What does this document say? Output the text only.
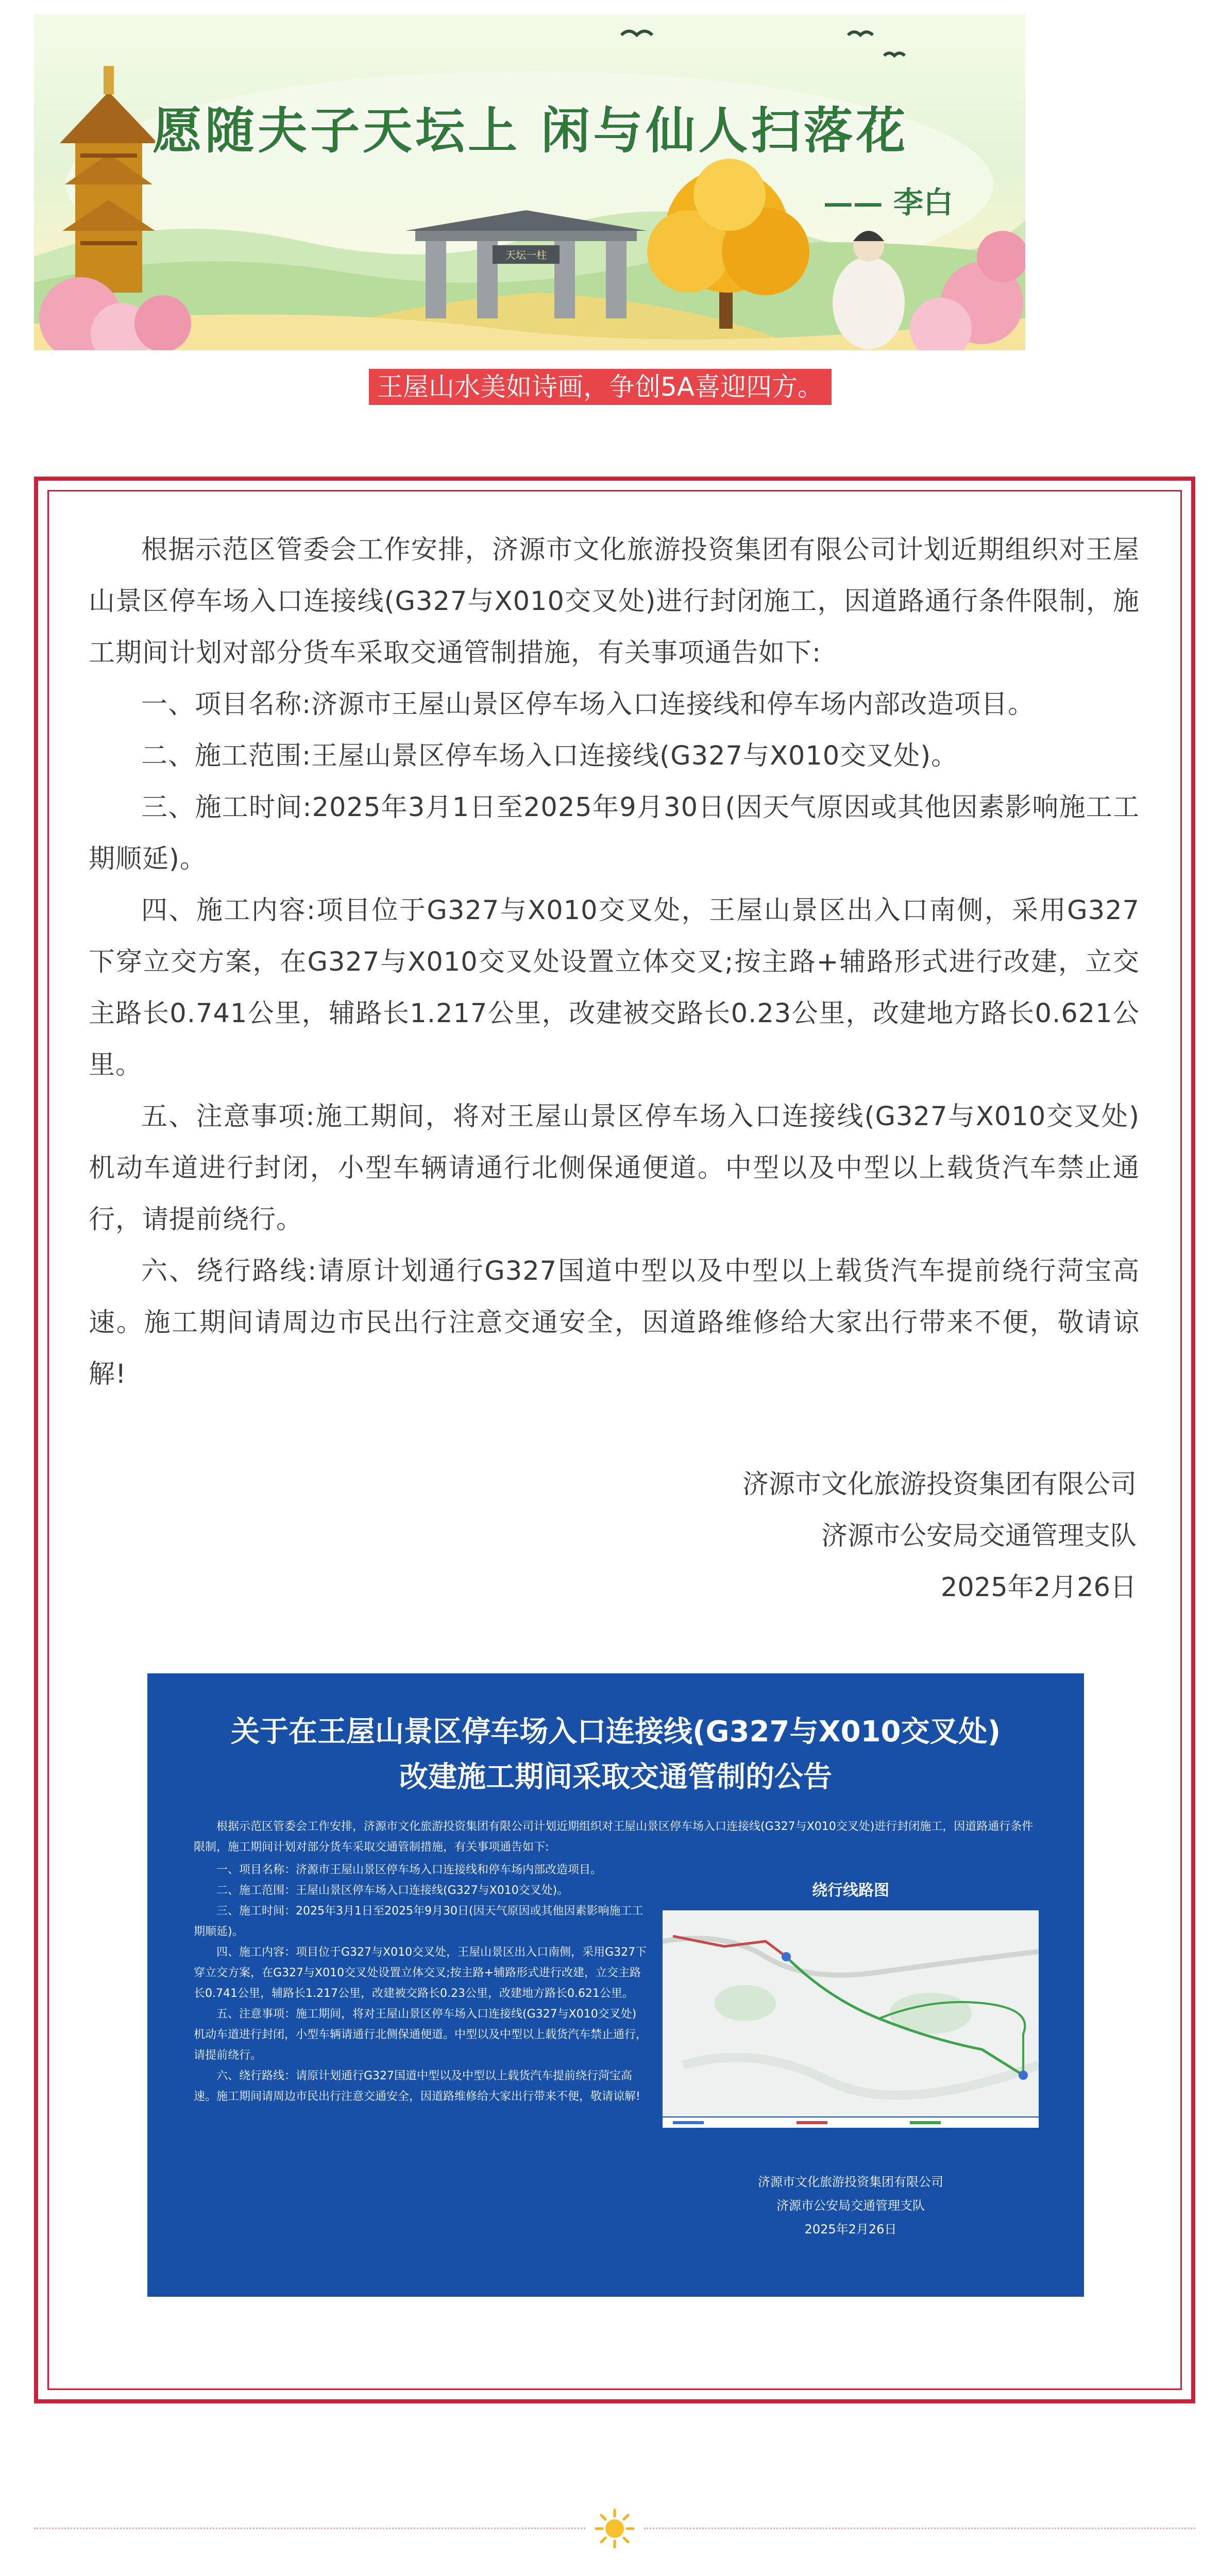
天坛一柱
愿随夫子天坛上 闲与仙人扫落花
—— 李白
王屋山水美如诗画，争创5A喜迎四方。

根据示范区管委会工作安排，济源市文化旅游投资集团有限公司计划近期组织对王屋山景区停车场入口连接线(G327与X010交叉处)进行封闭施工，因道路通行条件限制，施工期间计划对部分货车采取交通管制措施，有关事项通告如下:

一、项目名称:济源市王屋山景区停车场入口连接线和停车场内部改造项目。

二、施工范围:王屋山景区停车场入口连接线(G327与X010交叉处)。

三、施工时间:2025年3月1日至2025年9月30日(因天气原因或其他因素影响施工工期顺延)。

四、施工内容:项目位于G327与X010交叉处，王屋山景区出入口南侧，采用G327下穿立交方案，在G327与X010交叉处设置立体交叉;按主路+辅路形式进行改建，立交主路长0.741公里，辅路长1.217公里，改建被交路长0.23公里，改建地方路长0.621公里。

五、注意事项:施工期间，将对王屋山景区停车场入口连接线(G327与X010交叉处)机动车道进行封闭，小型车辆请通行北侧保通便道。中型以及中型以上载货汽车禁止通行，请提前绕行。

六、绕行路线:请原计划通行G327国道中型以及中型以上载货汽车提前绕行菏宝高速。施工期间请周边市民出行注意交通安全，因道路维修给大家出行带来不便，敬请谅解!

济源市文化旅游投资集团有限公司
济源市公安局交通管理支队
2025年2月26日
关于在王屋山景区停车场入口连接线(G327与X010交叉处)
改建施工期间采取交通管制的公告
根据示范区管委会工作安排，济源市文化旅游投资集团有限公司计划近期组织对王屋山景区停车场入口连接线(G327与X010交叉处)进行封闭施工，因道路通行条件限制，施工期间计划对部分货车采取交通管制措施，有关事项通告如下:

一、项目名称：济源市王屋山景区停车场入口连接线和停车场内部改造项目。

二、施工范围：王屋山景区停车场入口连接线(G327与X010交叉处)。

三、施工时间：2025年3月1日至2025年9月30日(因天气原因或其他因素影响施工工期顺延)。

四、施工内容：项目位于G327与X010交叉处，王屋山景区出入口南侧，采用G327下穿立交方案，在G327与X010交叉处设置立体交叉;按主路+辅路形式进行改建，立交主路长0.741公里，辅路长1.217公里，改建被交路长0.23公里，改建地方路长0.621公里。

五、注意事项：施工期间，将对王屋山景区停车场入口连接线(G327与X010交叉处)机动车道进行封闭，小型车辆请通行北侧保通便道。中型以及中型以上载货汽车禁止通行，请提前绕行。

六、绕行路线：请原计划通行G327国道中型以及中型以上载货汽车提前绕行菏宝高速。施工期间请周边市民出行注意交通安全，因道路维修给大家出行带来不便，敬请谅解!

绕行线路图
济源市文化旅游投资集团有限公司
济源市公安局交通管理支队
2025年2月26日
